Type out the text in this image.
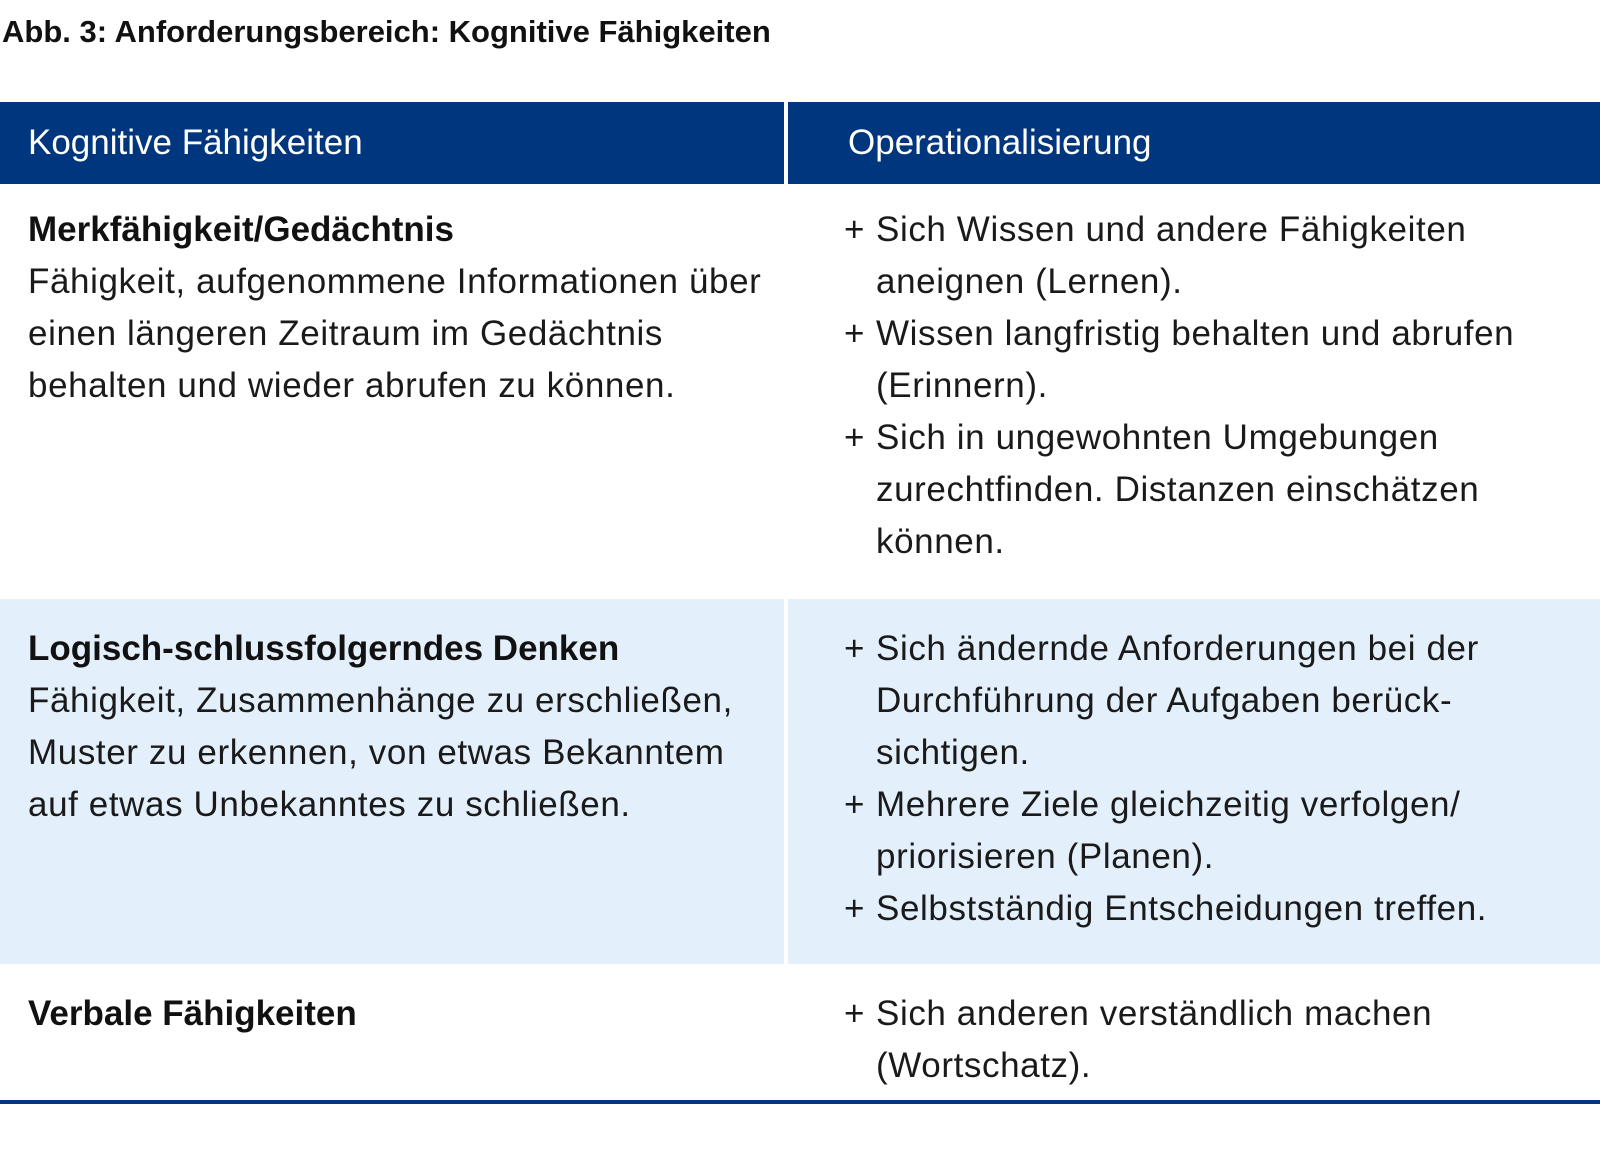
Abb. 3: Anforderungsbereich: Kognitive Fähigkeiten
Kognitive Fähigkeiten	Operationalisierung
Merkfähigkeit/Gedächtnis
Fähigkeit, aufgenommene Informationen über einen längeren Zeitraum im Gedächtnis behalten und wieder abrufen zu können.
+ Sich Wissen und andere Fähigkeiten aneignen (Lernen).
+ Wissen langfristig behalten und abrufen (Erinnern).
+ Sich in ungewohnten Umgebungen zurechtfinden. Distanzen einschätzen können.
Logisch-schlussfolgerndes Denken
Fähigkeit, Zusammenhänge zu erschließen, Muster zu erkennen, von etwas Bekanntem auf etwas Unbekanntes zu schließen.
+ Sich ändernde Anforderungen bei der Durchführung der Aufgaben berück-sichtigen.
+ Mehrere Ziele gleichzeitig verfolgen/ priorisieren (Planen).
+ Selbstständig Entscheidungen treffen.
Verbale Fähigkeiten	+ Sich anderen verständlich machen (Wortschatz).
